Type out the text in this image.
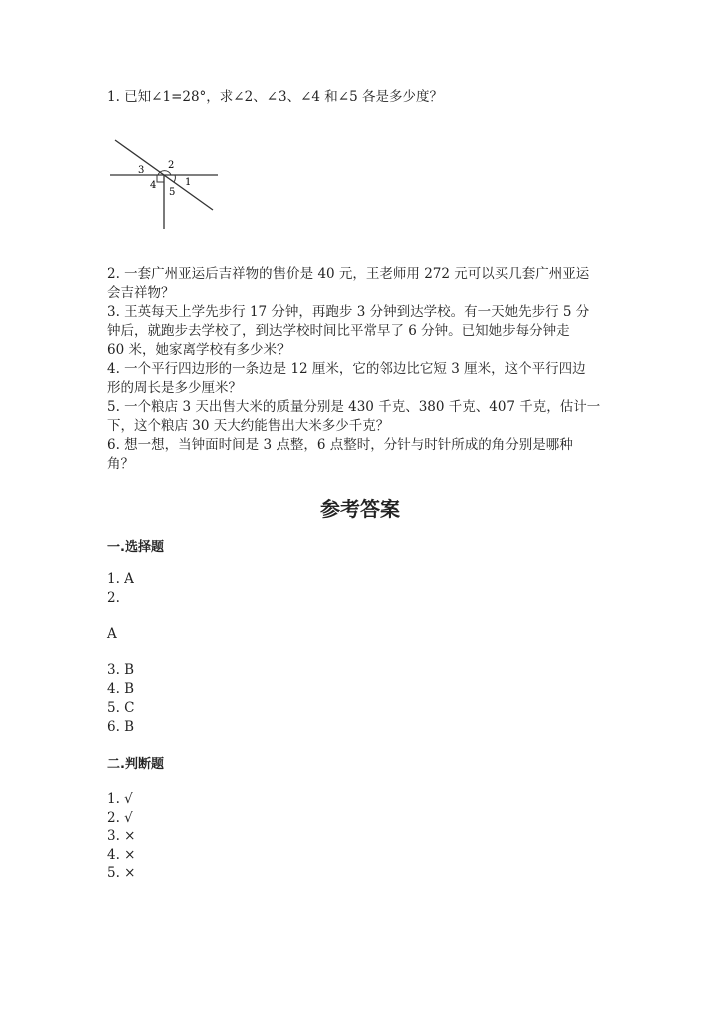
1. 已知∠1=28°，求∠2、∠3、∠4 和∠5 各是多少度？
1
2
3
4
5
2. 一套广州亚运后吉祥物的售价是 40 元，王老师用 272 元可以买几套广州亚运
会吉祥物？
3. 王英每天上学先步行 17 分钟，再跑步 3 分钟到达学校。有一天她先步行 5 分
钟后，就跑步去学校了，到达学校时间比平常早了 6 分钟。已知她步每分钟走
60 米，她家离学校有多少米？
4. 一个平行四边形的一条边是 12 厘米，它的邻边比它短 3 厘米，这个平行四边
形的周长是多少厘米？
5. 一个粮店 3 天出售大米的质量分别是 430 千克、380 千克、407 千克，估计一
下，这个粮店 30 天大约能售出大米多少千克？
6. 想一想，当钟面时间是 3 点整，6 点整时，分针与时针所成的角分别是哪种
角？
参考答案
一.选择题
1. A
2.
A
3. B
4. B
5. C
6. B
二.判断题
1. √
2. √
3. ×
4. ×
5. ×
